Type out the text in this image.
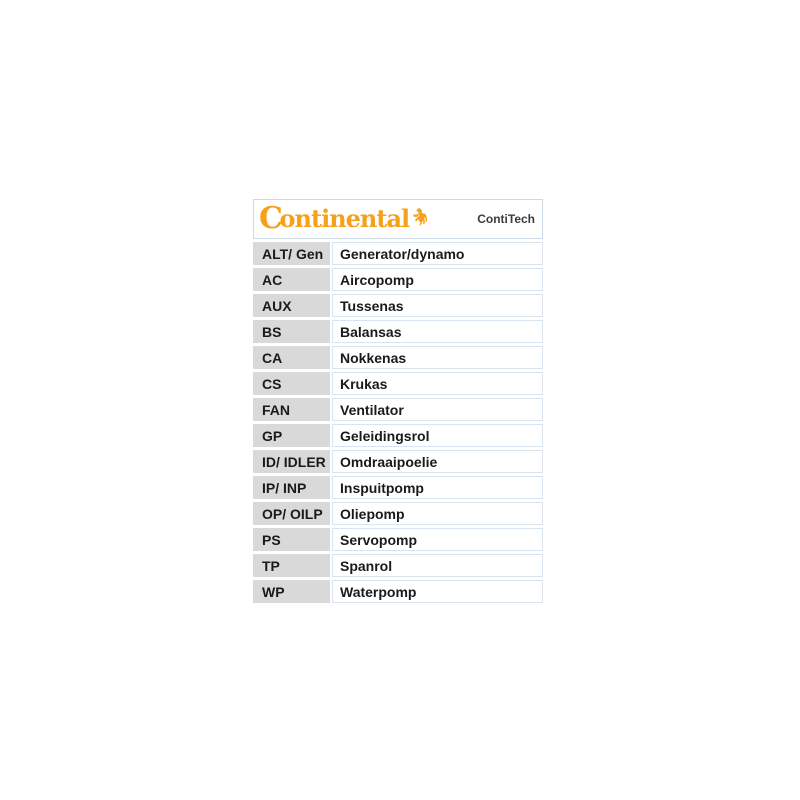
C
ontinental	ContiTech
ALT/ Gen	Generator/dynamo
AC	Aircopomp
AUX	Tussenas
BS	Balansas
CA	Nokkenas
CS	Krukas
FAN	Ventilator
GP	Geleidingsrol
ID/ IDLER	Omdraaipoelie
IP/ INP	Inspuitpomp
OP/ OILP	Oliepomp
PS	Servopomp
TP	Spanrol
WP	Waterpomp
